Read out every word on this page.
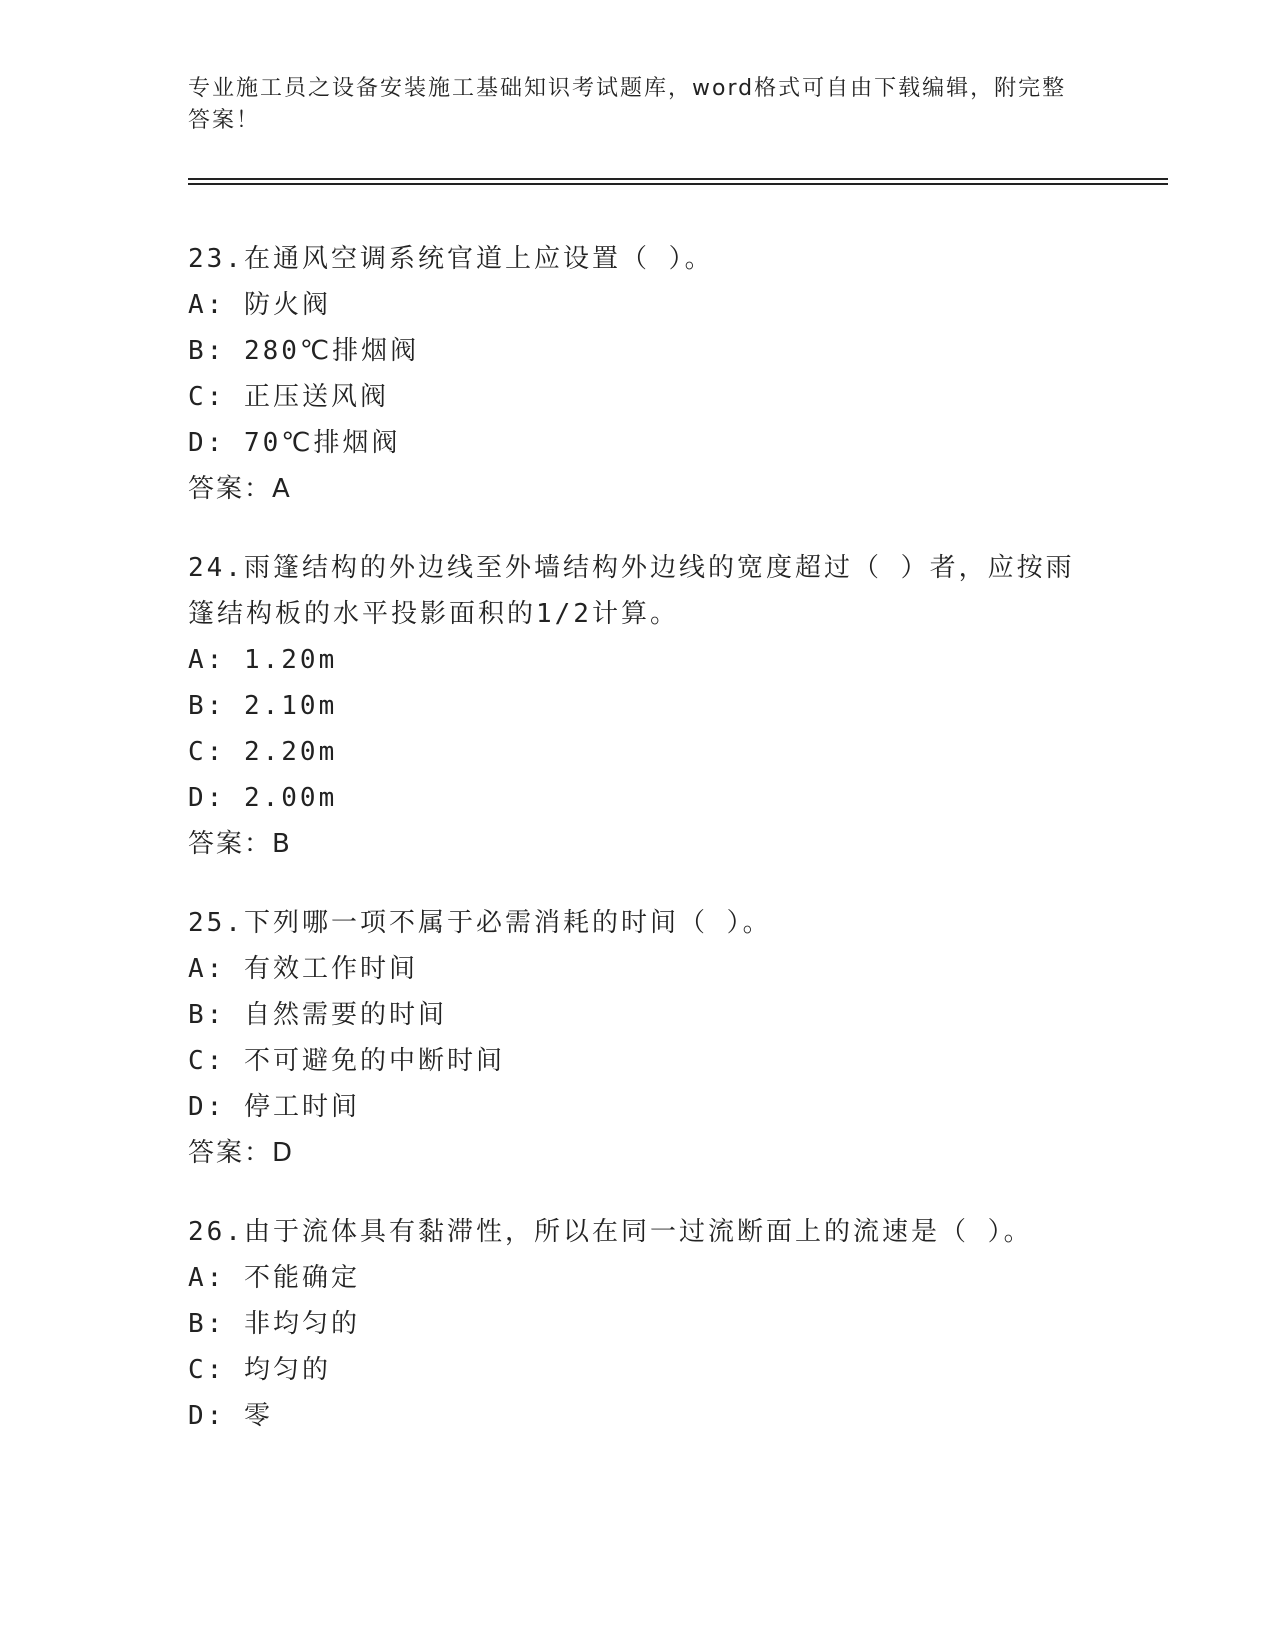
专业施工员之设备安装施工基础知识考试题库，word格式可自由下载编辑，附完整答案！
23.在通风空调系统官道上应设置（ ）。
A: 防火阀
B: 280℃排烟阀
C: 正压送风阀
D: 70℃排烟阀
答案：A
24.雨篷结构的外边线至外墙结构外边线的宽度超过（ ）者，应按雨篷结构板的水平投影面积的1/2计算。
A: 1.20m
B: 2.10m
C: 2.20m
D: 2.00m
答案：B
25.下列哪一项不属于必需消耗的时间（ ）。
A: 有效工作时间
B: 自然需要的时间
C: 不可避免的中断时间
D: 停工时间
答案：D
26.由于流体具有黏滞性，所以在同一过流断面上的流速是（ ）。
A: 不能确定
B: 非均匀的
C: 均匀的
D: 零
